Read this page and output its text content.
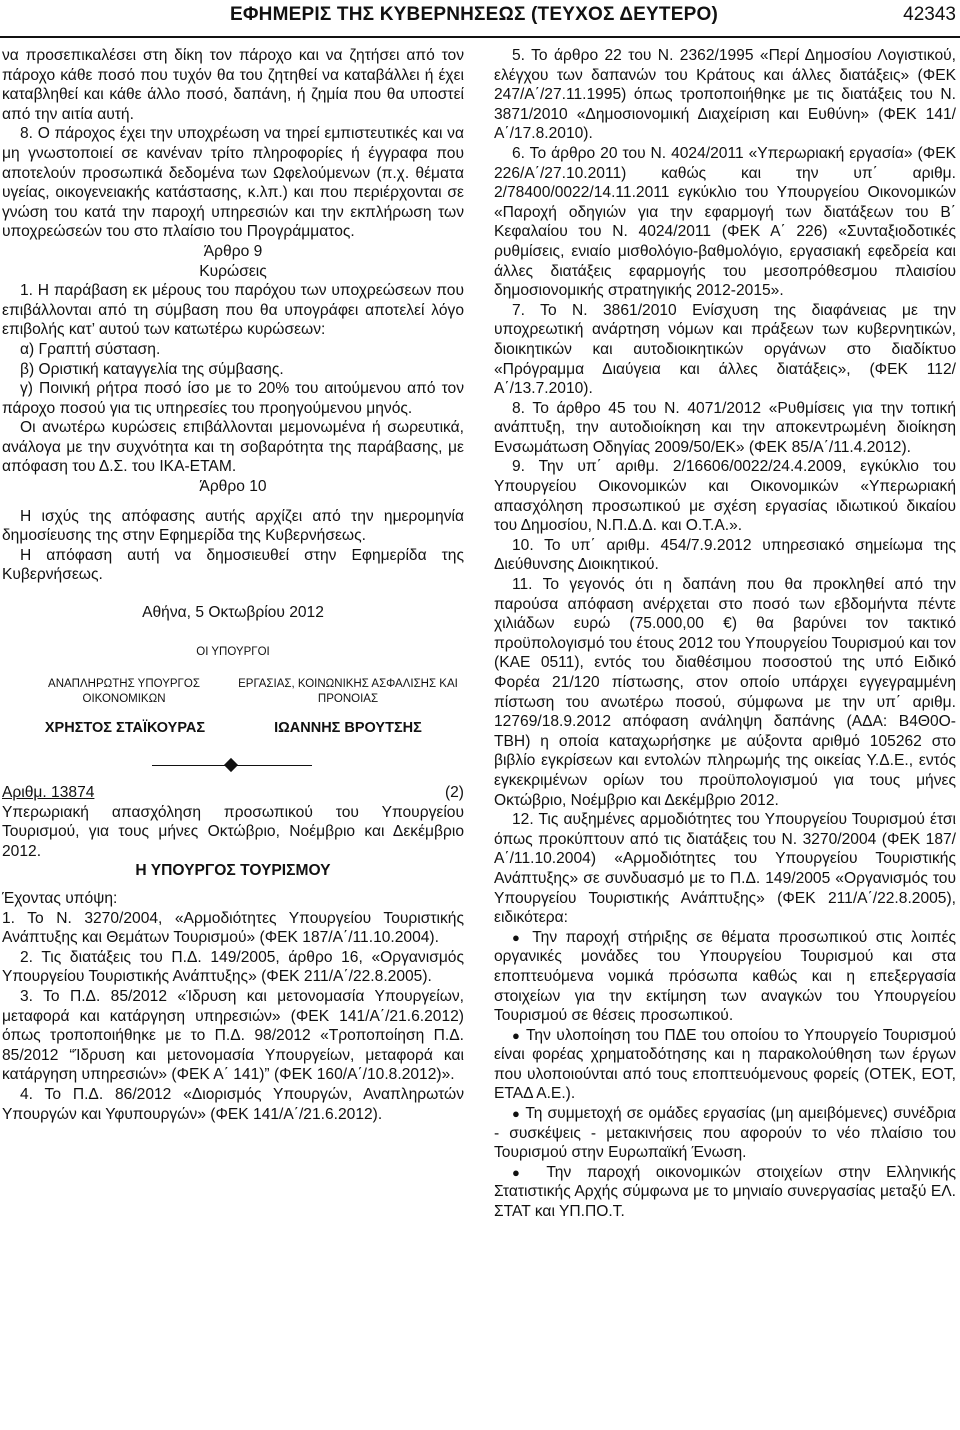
ΕΦΗΜΕΡΙΣ ΤΗΣ ΚΥΒΕΡΝΗΣΕΩΣ (ΤΕΥΧΟΣ ΔΕΥΤΕΡΟ)	42343

να προσεπικαλέσει στη δίκη τον πάροχο και να ζητήσει από τον πάροχο κάθε ποσό που τυχόν θα του ζητηθεί να καταβάλλει ή έχει καταβληθεί και κάθε άλλο ποσό, δαπάνη, ή ζημία που θα υποστεί από την αιτία αυτή.

8. Ο πάροχος έχει την υποχρέωση να τηρεί εμπιστευτικές και να μη γνωστοποιεί σε κανέναν τρίτο πληροφορίες ή έγγραφα που αποτελούν προσωπικά δεδομένα των Ωφελούμενων (π.χ. θέματα υγείας, οικογενειακής κατάστασης, κ.λπ.) και που περιέρχονται σε γνώση του κατά την παροχή υπηρεσιών και την εκπλήρωση των υποχρεώσεών του στο πλαίσιο του Προγράμματος.

Άρθρο 9

Κυρώσεις

1. Η παράβαση εκ μέρους του παρόχου των υποχρεώσεων που επιβάλλονται από τη σύμβαση που θα υπογράφει αποτελεί λόγο επιβολής κατ’ αυτού των κατωτέρω κυρώσεων:

α) Γραπτή σύσταση.

β) Οριστική καταγγελία της σύμβασης.

γ) Ποινική ρήτρα ποσό ίσο με το 20% του αιτούμενου από τον πάροχο ποσού για τις υπηρεσίες του προηγούμενου μηνός.

Οι ανωτέρω κυρώσεις επιβάλλονται μεμονωμένα ή σωρευτικά, ανάλογα με την συχνότητα και τη σοβαρότητα της παράβασης, με απόφαση του Δ.Σ. του ΙΚΑ-ΕΤΑΜ.

Άρθρο 10

Η ισχύς της απόφασης αυτής αρχίζει από την ημερομηνία δημοσίευσης της στην Εφημερίδα της Κυβερνήσεως.

Η απόφαση αυτή να δημοσιευθεί στην Εφημερίδα της Κυβερνήσεως.

Αθήνα, 5 Οκτωβρίου 2012
ΟΙ ΥΠΟΥΡΓΟΙ
ΑΝΑΠΛΗΡΩΤΗΣ ΥΠΟΥΡΓΟΣ ΟΙΚΟΝΟΜΙΚΩΝ
ΕΡΓΑΣΙΑΣ, ΚΟΙΝΩΝΙΚΗΣ ΑΣΦΑΛΙΣΗΣ ΚΑΙ ΠΡΟΝΟΙΑΣ
ΧΡΗΣΤΟΣ ΣΤΑΪΚΟΥΡΑΣ	ΙΩΑΝΝΗΣ ΒΡΟΥΤΣΗΣ
Αριθμ. 13874	(2)

Υπερωριακή απασχόληση προσωπικού του Υπουργείου Τουρισμού, για τους μήνες Οκτώβριο, Νοέμβριο και Δεκέμβριο 2012.

Η ΥΠΟΥΡΓΟΣ ΤΟΥΡΙΣΜΟΥ

Έχοντας υπόψη:

1. Το Ν. 3270/2004, «Αρμοδιότητες Υπουργείου Τουριστικής Ανάπτυξης και Θεμάτων Τουρισμού» (ΦΕΚ 187/Α΄/11.10.2004).

2. Τις διατάξεις του Π.Δ. 149/2005, άρθρο 16, «Οργανισμός Υπουργείου Τουριστικής Ανάπτυξης» (ΦΕΚ 211/Α΄/22.8.2005).

3. Το Π.Δ. 85/2012 «Ίδρυση και μετονομασία Υπουργείων, μεταφορά και κατάργηση υπηρεσιών» (ΦΕΚ 141/Α΄/21.6.2012) όπως τροποποιήθηκε με το Π.Δ. 98/2012 «Τροποποίηση Π.Δ. 85/2012 “Ίδρυση και μετονομασία Υπουργείων, μεταφορά και κατάργηση υπηρεσιών» (ΦΕΚ Α΄ 141)” (ΦΕΚ 160/Α΄/10.8.2012)».

4. Το Π.Δ. 86/2012 «Διορισμός Υπουργών, Αναπληρωτών Υπουργών και Υφυπουργών» (ΦΕΚ 141/Α΄/21.6.2012).

5. Το άρθρο 22 του Ν. 2362/1995 «Περί Δημοσίου Λογιστικού, ελέγχου των δαπανών του Κράτους και άλλες διατάξεις» (ΦΕΚ 247/Α΄/27.11.1995) όπως τροποποιήθηκε με τις διατάξεις του Ν. 3871/2010 «Δημοσιονομική Διαχείριση και Ευθύνη» (ΦΕΚ 141/Α΄/17.8.2010).

6. Το άρθρο 20 του Ν. 4024/2011 «Υπερωριακή εργασία» (ΦΕΚ 226/Α΄/27.10.2011) καθώς και την υπ΄ αριθμ. 2/78400/0022/14.11.2011 εγκύκλιο του Υπουργείου Οικονομικών «Παροχή οδηγιών για την εφαρμογή των διατάξεων του Β΄ Κεφαλαίου του Ν. 4024/2011 (ΦΕΚ Α΄ 226) «Συνταξιοδοτικές ρυθμίσεις, ενιαίο μισθολόγιο-βαθμολόγιο, εργασιακή εφεδρεία και άλλες διατάξεις εφαρμογής του μεσοπρόθεσμου πλαισίου δημοσιονομικής στρατηγικής 2012-2015».

7. Το Ν. 3861/2010 Ενίσχυση της διαφάνειας με την υποχρεωτική ανάρτηση νόμων και πράξεων των κυβερνητικών, διοικητικών και αυτοδιοικητικών οργάνων στο διαδίκτυο «Πρόγραμμα Διαύγεια και άλλες διατάξεις», (ΦΕΚ 112/Α΄/13.7.2010).

8. Το άρθρο 45 του Ν. 4071/2012 «Ρυθμίσεις για την τοπική ανάπτυξη, την αυτοδιοίκηση και την αποκεντρωμένη διοίκηση Ενσωμάτωση Οδηγίας 2009/50/ΕΚ» (ΦΕΚ 85/Α΄/11.4.2012).

9. Την υπ΄ αριθμ. 2/16606/0022/24.4.2009, εγκύκλιο του Υπουργείου Οικονομικών και Οικονομικών «Υπερωριακή απασχόληση προσωπικού με σχέση εργασίας ιδιωτικού δικαίου του Δημοσίου, Ν.Π.Δ.Δ. και Ο.Τ.Α.».

10. Το υπ΄ αριθμ. 454/7.9.2012 υπηρεσιακό σημείωμα της Διεύθυνσης Διοικητικού.

11. Το γεγονός ότι η δαπάνη που θα προκληθεί από την παρούσα απόφαση ανέρχεται στο ποσό των εβδομήντα πέντε χιλιάδων ευρώ (75.000,00 €) θα βαρύνει τον τακτικό προϋπολογισμό του έτους 2012 του Υπουργείου Τουρισμού και τον (ΚΑΕ 0511), εντός του διαθέσιμου ποσοστού της υπό Ειδικό Φορέα 21/120 πίστωσης, στον οποίο υπάρχει εγγεγραμμένη πίστωση του ανωτέρω ποσού, σύμφωνα με την υπ΄ αριθμ. 12769/18.9.2012 απόφαση ανάληψη δαπάνης (ΑΔΑ: Β4Θ0Ο-ΤΒΗ) η οποία καταχωρήσηκε με αύξοντα αριθμό 105262 στο βιβλίο εγκρίσεων και εντολών πληρωμής της οικείας Υ.Δ.Ε., εντός εγκεκριμένων ορίων του προϋπολογισμού για τους μήνες Οκτώβριο, Νοέμβριο και Δεκέμβριο 2012.

12. Τις αυξημένες αρμοδιότητες του Υπουργείου Τουρισμού έτσι όπως προκύπτουν από τις διατάξεις του Ν. 3270/2004 (ΦΕΚ 187/Α΄/11.10.2004) «Αρμοδιότητες του Υπουργείου Τουριστικής Ανάπτυξης» σε συνδυασμό με το Π.Δ. 149/2005 «Οργανισμός του Υπουργείου Τουριστικής Ανάπτυξης» (ΦΕΚ 211/Α΄/22.8.2005), ειδικότερα:

● Την παροχή στήριξης σε θέματα προσωπικού στις λοιπές οργανικές μονάδες του Υπουργείου Τουρισμού και στα εποπτευόμενα νομικά πρόσωπα καθώς και η επεξεργασία στοιχείων για την εκτίμηση των αναγκών του Υπουργείου Τουρισμού σε θέσεις προσωπικού.

● Την υλοποίηση του ΠΔΕ του οποίου το Υπουργείο Τουρισμού είναι φορέας χρηματοδότησης και η παρακολούθηση των έργων που υλοποιούνται από τους εποπτευόμενους φορείς (ΟΤΕΚ, ΕΟΤ, ΕΤΑΔ Α.Ε.).

● Τη συμμετοχή σε ομάδες εργασίας (μη αμειβόμενες) συνέδρια - συσκέψεις - μετακινήσεις που αφορούν το νέο πλαίσιο του Τουρισμού στην Ευρωπαϊκή Ένωση.

● Την παροχή οικονομικών στοιχείων στην Ελληνικής Στατιστικής Αρχής σύμφωνα με το μηνιαίο συνεργασίας μεταξύ ΕΛ. ΣΤΑΤ και ΥΠ.ΠΟ.Τ.
